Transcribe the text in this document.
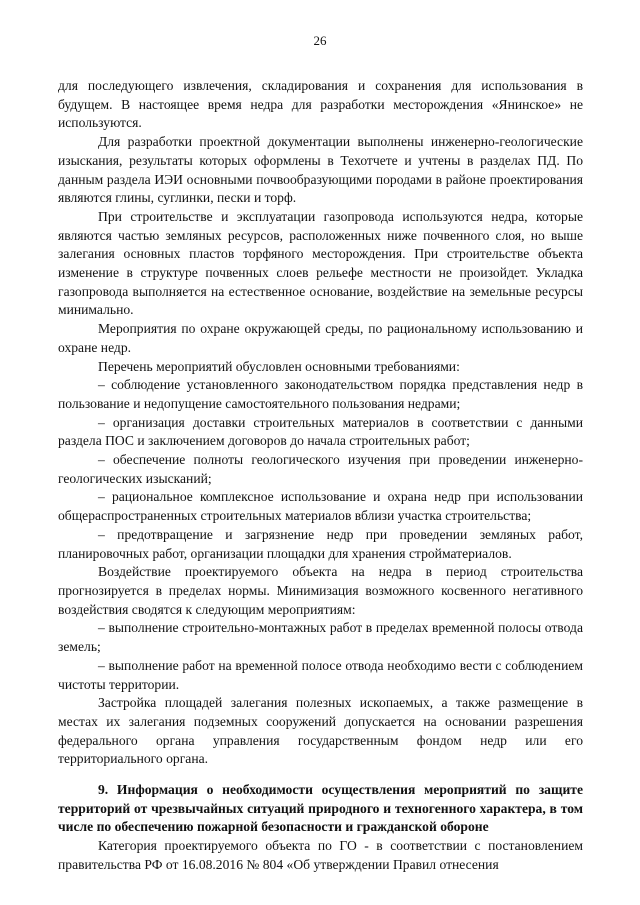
26

для последующего извлечения, складирования и сохранения для использования в будущем. В настоящее время недра для разработки месторождения «Янинское» не используются.

Для разработки проектной документации выполнены инженерно-геологические изыскания, результаты которых оформлены в Техотчете и учтены в разделах ПД. По данным раздела ИЭИ основными почвообразующими породами в районе проектирования являются глины, суглинки, пески и торф.

При строительстве и эксплуатации газопровода используются недра, которые являются частью земляных ресурсов, расположенных ниже почвенного слоя, но выше залегания основных пластов торфяного месторождения. При строительстве объекта изменение в структуре почвенных слоев рельефе местности не произойдет. Укладка газопровода выполняется на естественное основание, воздействие на земельные ресурсы минимально.

Мероприятия по охране окружающей среды, по рациональному использованию и охране недр.

Перечень мероприятий обусловлен основными требованиями:

– соблюдение установленного законодательством порядка представления недр в пользование и недопущение самостоятельного пользования недрами;

– организация доставки строительных материалов в соответствии с данными раздела ПОС и заключением договоров до начала строительных работ;

– обеспечение полноты геологического изучения при проведении инженерно-геологических изысканий;

– рациональное комплексное использование и охрана недр при использовании общераспространенных строительных материалов вблизи участка строительства;

– предотвращение и загрязнение недр при проведении земляных работ, планировочных работ, организации площадки для хранения стройматериалов.

Воздействие проектируемого объекта на недра в период строительства прогнозируется в пределах нормы. Минимизация возможного косвенного негативного воздействия сводятся к следующим мероприятиям:

– выполнение строительно-монтажных работ в пределах временной полосы отвода земель;

– выполнение работ на временной полосе отвода необходимо вести с соблюдением чистоты территории.

Застройка площадей залегания полезных ископаемых, а также размещение в местах их залегания подземных сооружений допускается на основании разрешения федерального органа управления государственным фондом недр или его территориального органа.

9. Информация о необходимости осуществления мероприятий по защите территорий от чрезвычайных ситуаций природного и техногенного характера, в том числе по обеспечению пожарной безопасности и гражданской обороне

Категория проектируемого объекта по ГО - в соответствии с постановлением правительства РФ от 16.08.2016 № 804 «Об утверждении Правил отнесения
